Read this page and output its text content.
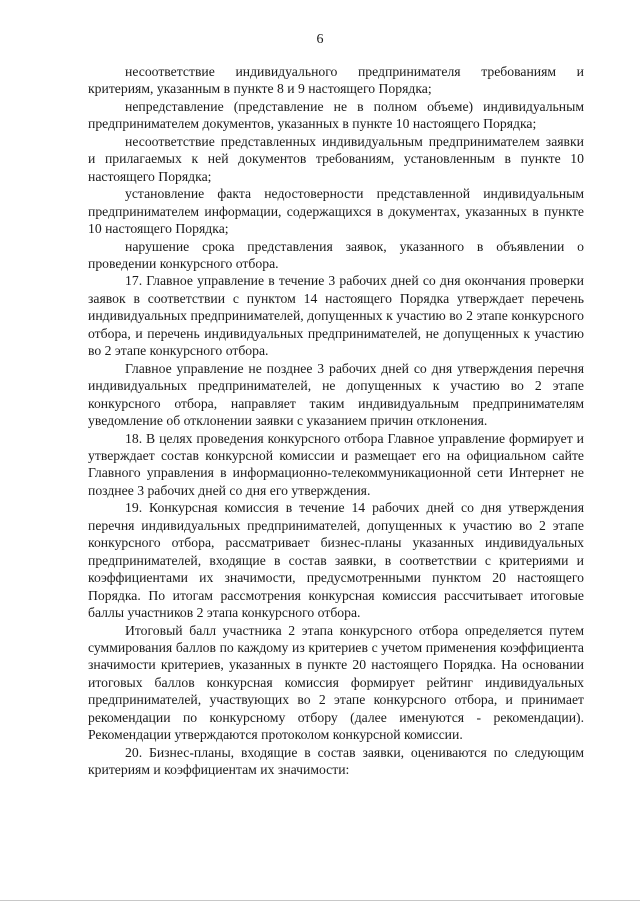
6

несоответствие индивидуального предпринимателя требованиям и критериям, указанным в пункте 8 и 9 настоящего Порядка;

непредставление (представление не в полном объеме) индивидуальным предпринимателем документов, указанных в пункте 10 настоящего Порядка;

несоответствие представленных индивидуальным предпринимателем заявки и прилагаемых к ней документов требованиям, установленным в пункте 10 настоящего Порядка;

установление факта недостоверности представленной индивидуальным предпринимателем информации, содержащихся в документах, указанных в пункте 10 настоящего Порядка;

нарушение срока представления заявок, указанного в объявлении о проведении конкурсного отбора.

17. Главное управление в течение 3 рабочих дней со дня окончания проверки заявок в соответствии с пунктом 14 настоящего Порядка утверждает перечень индивидуальных предпринимателей, допущенных к участию во 2 этапе конкурсного отбора, и перечень индивидуальных предпринимателей, не допущенных к участию во 2 этапе конкурсного отбора.

Главное управление не позднее 3 рабочих дней со дня утверждения перечня индивидуальных предпринимателей, не допущенных к участию во 2 этапе конкурсного отбора, направляет таким индивидуальным предпринимателям уведомление об отклонении заявки с указанием причин отклонения.

18. В целях проведения конкурсного отбора Главное управление формирует и утверждает состав конкурсной комиссии и размещает его на официальном сайте Главного управления в информационно-телекоммуникационной сети Интернет не позднее 3 рабочих дней со дня его утверждения.

19. Конкурсная комиссия в течение 14 рабочих дней со дня утверждения перечня индивидуальных предпринимателей, допущенных к участию во 2 этапе конкурсного отбора, рассматривает бизнес-планы указанных индивидуальных предпринимателей, входящие в состав заявки, в соответствии с критериями и коэффициентами их значимости, предусмотренными пунктом 20 настоящего Порядка. По итогам рассмотрения конкурсная комиссия рассчитывает итоговые баллы участников 2 этапа конкурсного отбора.

Итоговый балл участника 2 этапа конкурсного отбора определяется путем суммирования баллов по каждому из критериев с учетом применения коэффициента значимости критериев, указанных в пункте 20 настоящего Порядка. На основании итоговых баллов конкурсная комиссия формирует рейтинг индивидуальных предпринимателей, участвующих во 2 этапе конкурсного отбора, и принимает рекомендации по конкурсному отбору (далее именуются - рекомендации). Рекомендации утверждаются протоколом конкурсной комиссии.

20. Бизнес-планы, входящие в состав заявки, оцениваются по следующим критериям и коэффициентам их значимости:
